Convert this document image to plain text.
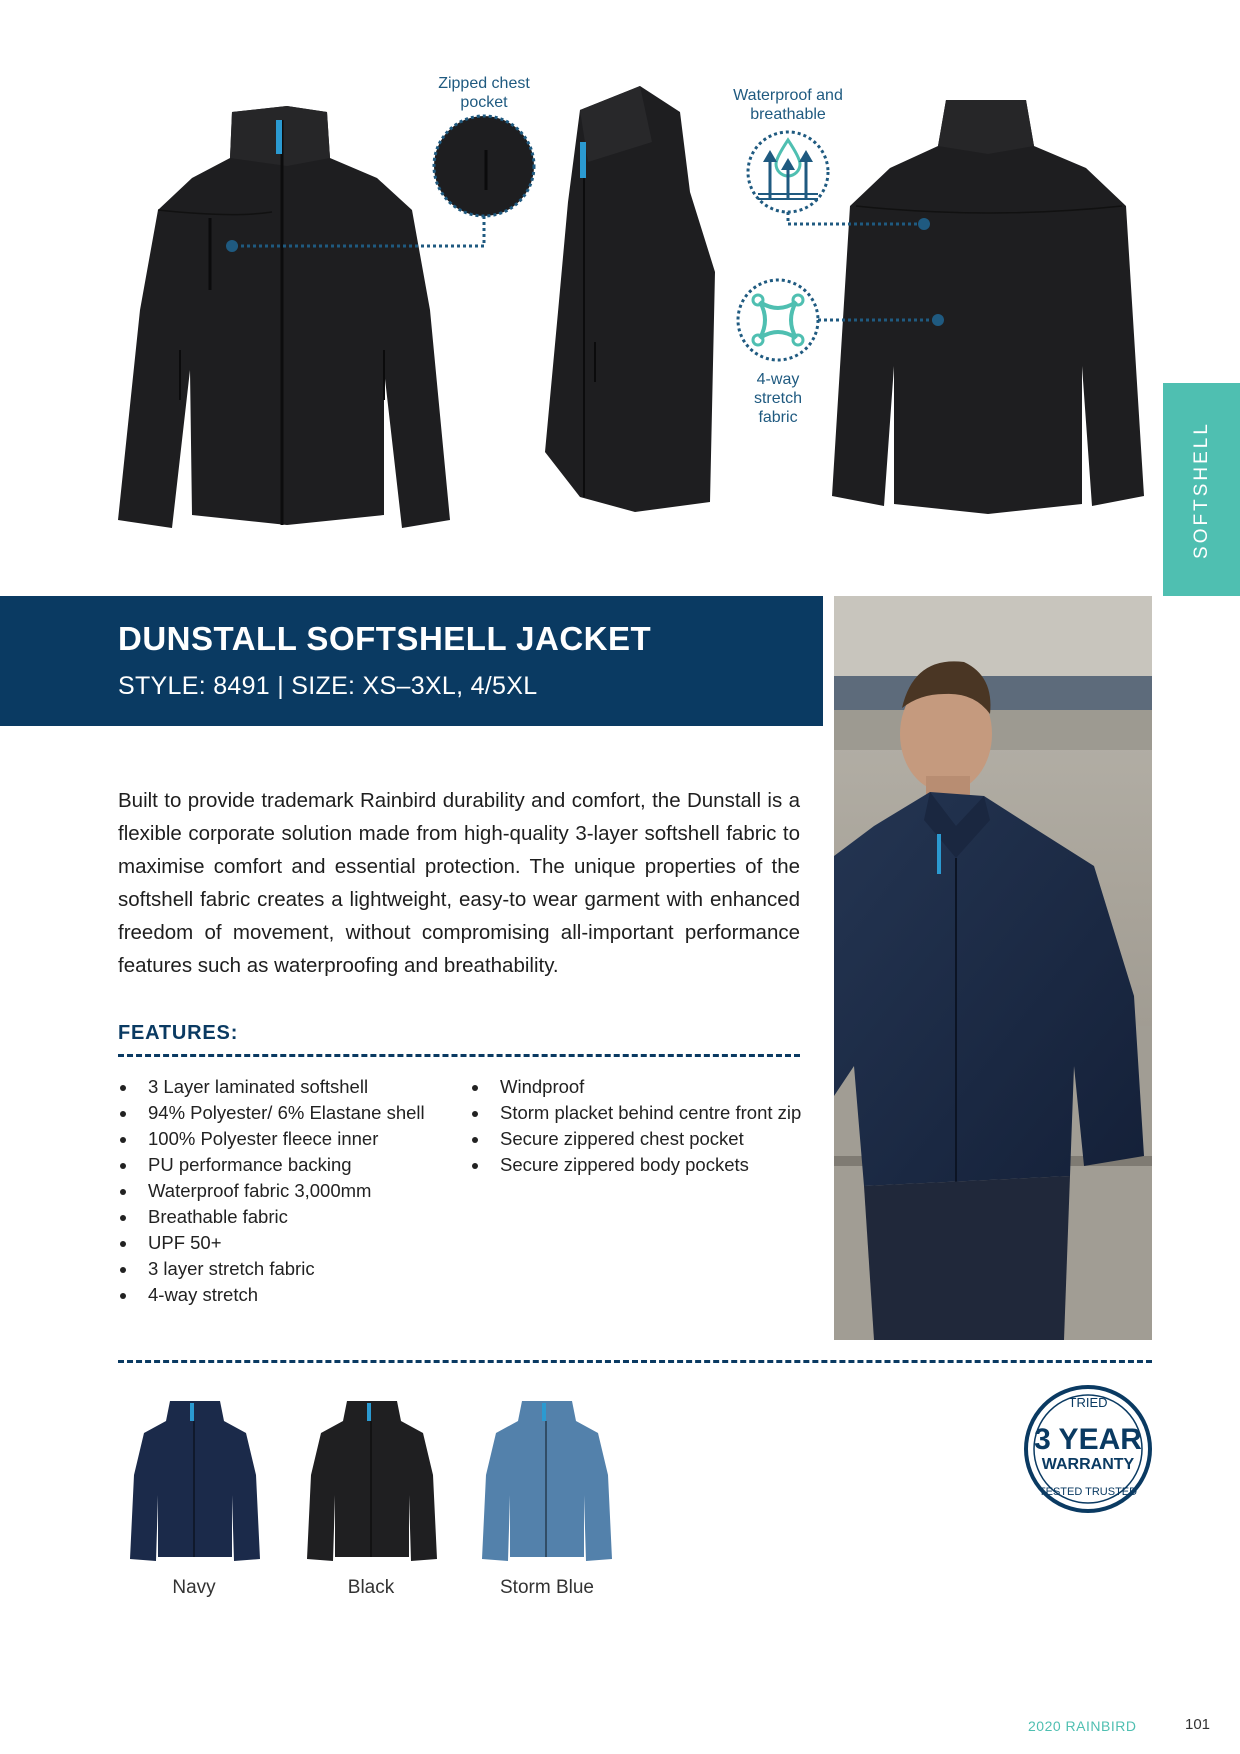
Zipped chest pocket	Waterproof and breathable
4-way stretch fabric
SOFTSHELL
DUNSTALL SOFTSHELL JACKET
STYLE: 8491 | SIZE: XS–3XL, 4/5XL
Built to provide trademark Rainbird durability and comfort, the Dunstall is a flexible corporate solution made from high-quality 3-layer softshell fabric to maximise comfort and essential protection. The unique properties of the softshell fabric creates a lightweight, easy-to wear garment with enhanced freedom of movement, without compromising all-important performance features such as waterproofing and breathability.
FEATURES:
3 Layer laminated softshell
94% Polyester/ 6% Elastane shell
100% Polyester fleece inner
PU performance backing
Waterproof fabric 3,000mm
Breathable fabric
UPF 50+
3 layer stretch fabric
4-way stretch
Windproof
Storm placket behind centre front zip
Secure zippered chest pocket
Secure zippered body pockets
Navy	Black	Storm Blue
TRIED
3 YEAR
WARRANTY
TESTED TRUSTED
2020 RAINBIRD	101
